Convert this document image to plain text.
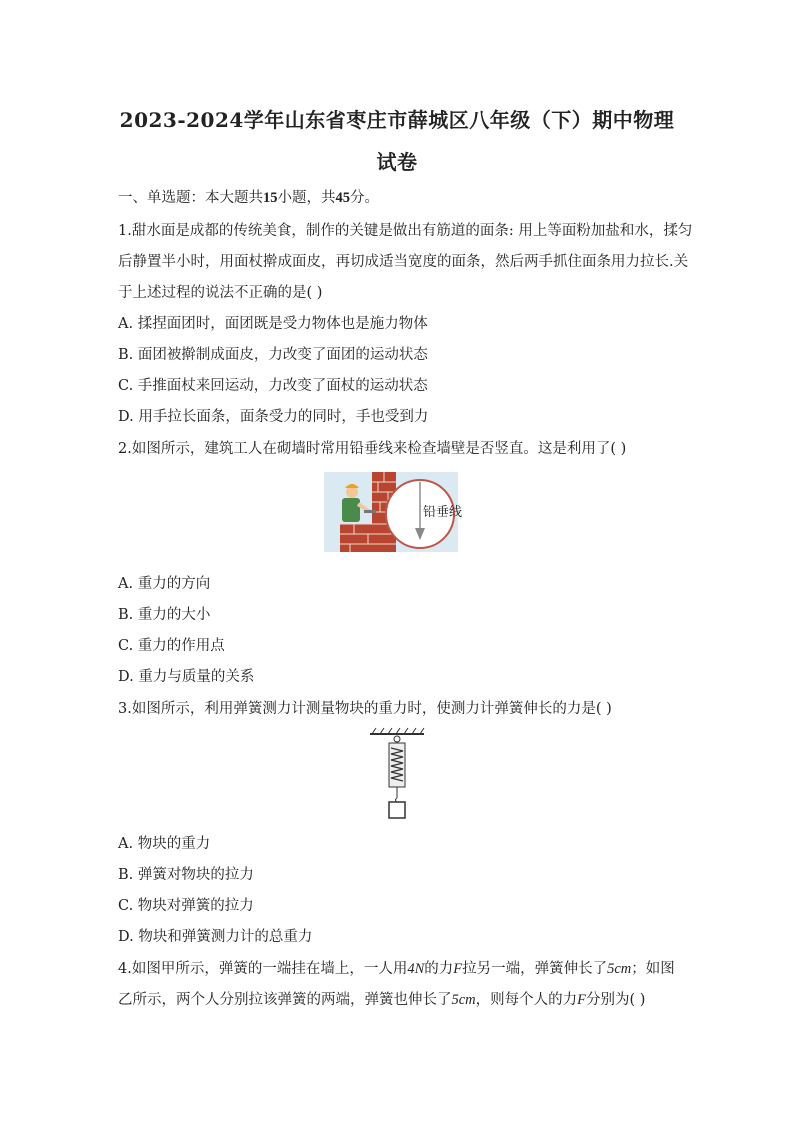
2023-2024学年山东省枣庄市薛城区八年级（下）期中物理
试卷
一、单选题：本大题共15小题，共45分。
1.甜水面是成都的传统美食，制作的关键是做出有筋道的面条: 用上等面粉加盐和水，揉匀
后静置半小时，用面杖擀成面皮，再切成适当宽度的面条，然后两手抓住面条用力拉长.关
于上述过程的说法不正确的是( )
A. 揉捏面团时，面团既是受力物体也是施力物体
B. 面团被擀制成面皮，力改变了面团的运动状态
C. 手推面杖来回运动，力改变了面杖的运动状态
D. 用手拉长面条，面条受力的同时，手也受到力
2.如图所示，建筑工人在砌墙时常用铅垂线来检查墙壁是否竖直。这是利用了( )
铅垂线
A. 重力的方向
B. 重力的大小
C. 重力的作用点
D. 重力与质量的关系
3.如图所示，利用弹簧测力计测量物块的重力时，使测力计弹簧伸长的力是( )
A. 物块的重力
B. 弹簧对物块的拉力
C. 物块对弹簧的拉力
D. 物块和弹簧测力计的总重力
4.如图甲所示，弹簧的一端挂在墙上，一人用4N的力F拉另一端，弹簧伸长了5cm；如图
乙所示，两个人分别拉该弹簧的两端，弹簧也伸长了5cm，则每个人的力F分别为( )
